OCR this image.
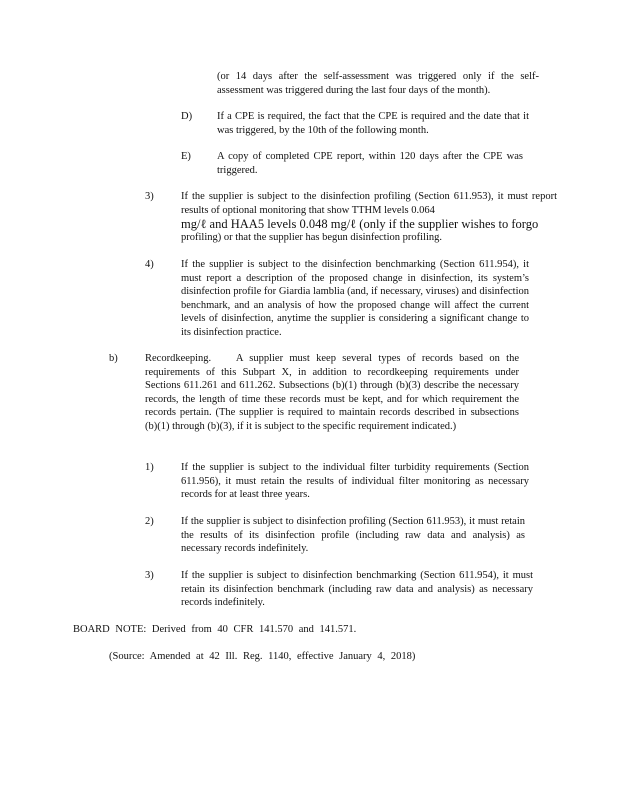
(or 14 days after the self-assessment was triggered only if the self-assessment was triggered during the last four days of the month).
D) If a CPE is required, the fact that the CPE is required and the date that it was triggered, by the 10th of the following month.
E) A copy of completed CPE report, within 120 days after the CPE was triggered.
3)	If the supplier is subject to the disinfection profiling (Section 611.953), it must report results of optional monitoring that show TTHM levels 0.064
mg/ℓ and HAA5 levels 0.048 mg/ℓ (only if the supplier wishes to forgo
profiling) or that the supplier has begun disinfection profiling.
4)	If the supplier is subject to the disinfection benchmarking (Section 611.954), it must report a description of the proposed change in disinfection, its system’s disinfection profile for Giardia lamblia (and, if necessary, viruses) and disinfection benchmark, and an analysis of how the proposed change will affect the current levels of disinfection, anytime the supplier is considering a significant change to its disinfection practice.
b)	Recordkeeping. A supplier must keep several types of records based on the requirements of this Subpart X, in addition to recordkeeping requirements under Sections 611.261 and 611.262. Subsections (b)(1) through (b)(3) describe the necessary records, the length of time these records must be kept, and for which requirement the records pertain. (The supplier is required to maintain records described in subsections (b)(1) through (b)(3), if it is subject to the specific requirement indicated.)
1)	If the supplier is subject to the individual filter turbidity requirements (Section 611.956), it must retain the results of individual filter monitoring as necessary records for at least three years.
2)	If the supplier is subject to disinfection profiling (Section 611.953), it must retain the results of its disinfection profile (including raw data and analysis) as necessary records indefinitely.
3)	If the supplier is subject to disinfection benchmarking (Section 611.954), it must retain its disinfection benchmark (including raw data and analysis) as necessary records indefinitely.
BOARD NOTE: Derived from 40 CFR 141.570 and 141.571.
(Source: Amended at 42 Ill. Reg. 1140, effective January 4, 2018)
